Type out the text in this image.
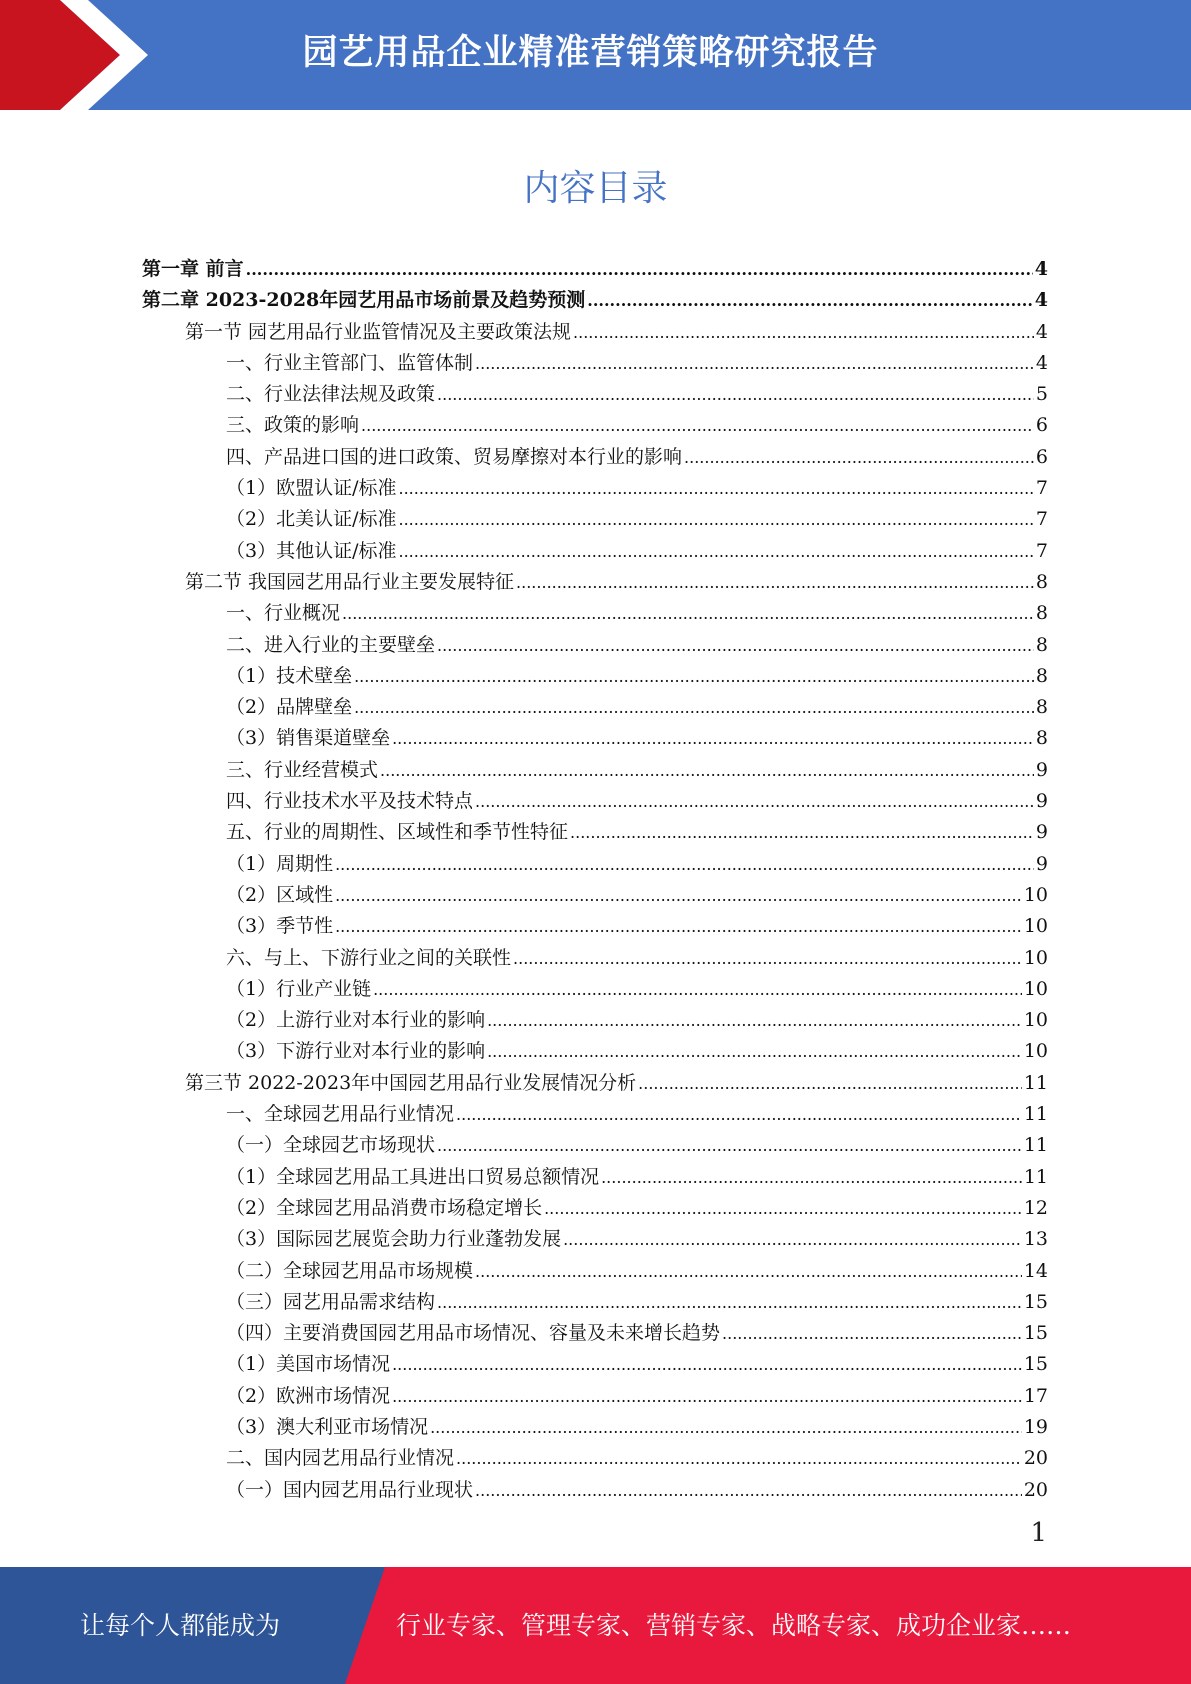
园艺用品企业精准营销策略研究报告
内容目录
第一章 前言 .....	4
第二章 2023-2028年园艺用品市场前景及趋势预测 .....	4
第一节 园艺用品行业监管情况及主要政策法规 .....	4
一、行业主管部门、监管体制 .....	4
二、行业法律法规及政策 .....	5
三、政策的影响 .....	6
四、产品进口国的进口政策、贸易摩擦对本行业的影响 .....	6
（1）欧盟认证/标准 .....	7
（2）北美认证/标准 .....	7
（3）其他认证/标准 .....	7
第二节 我国园艺用品行业主要发展特征 .....	8
一、行业概况 .....	8
二、进入行业的主要壁垒 .....	8
（1）技术壁垒 .....	8
（2）品牌壁垒 .....	8
（3）销售渠道壁垒 .....	8
三、行业经营模式 .....	9
四、行业技术水平及技术特点 .....	9
五、行业的周期性、区域性和季节性特征 .....	9
（1）周期性 .....	9
（2）区域性 .....	10
（3）季节性 .....	10
六、与上、下游行业之间的关联性 .....	10
（1）行业产业链 .....	10
（2）上游行业对本行业的影响 .....	10
（3）下游行业对本行业的影响 .....	10
第三节 2022-2023年中国园艺用品行业发展情况分析 .....	11
一、全球园艺用品行业情况 .....	11
（一）全球园艺市场现状 .....	11
（1）全球园艺用品工具进出口贸易总额情况 .....	11
（2）全球园艺用品消费市场稳定增长 .....	12
（3）国际园艺展览会助力行业蓬勃发展 .....	13
（二）全球园艺用品市场规模 .....	14
（三）园艺用品需求结构 .....	15
（四）主要消费国园艺用品市场情况、容量及未来增长趋势 .....	15
（1）美国市场情况 .....	15
（2）欧洲市场情况 .....	17
（3）澳大利亚市场情况 .....	19
二、国内园艺用品行业情况 .....	20
（一）国内园艺用品行业现状 .....	20
1
让每个人都能成为	行业专家、管理专家、营销专家、战略专家、成功企业家……
